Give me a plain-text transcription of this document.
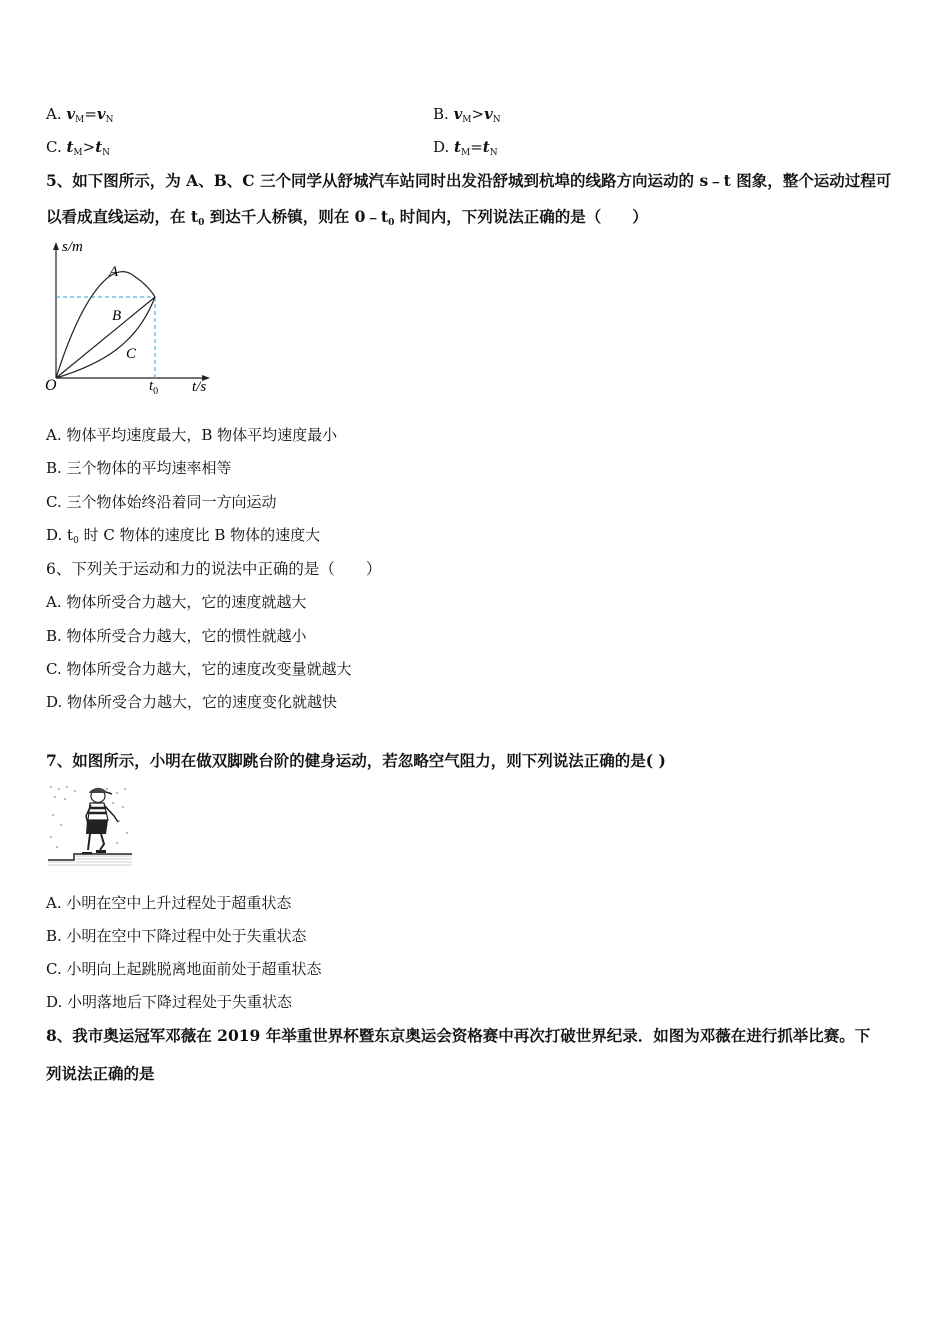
A. $v_M=v_N$	B. $v_M>v_N$
C. $t_M>t_N$	D. $t_M=t_N$
5、如下图所示，为 A、B、C 三个同学从舒城汽车站同时出发沿舒城到杭埠的线路方向运动的 s﹣t 图象，整个运动过程可
以看成直线运动，在 $t_0$ 到达千人桥镇，则在 $0﹣t_0$ 时间内，下列说法正确的是（　　）
s/m
t/s
O	$t_0$
A
B
C
A. 物体平均速度最大，B 物体平均速度最小
B. 三个物体的平均速率相等
C. 三个物体始终沿着同一方向运动
D. $t_0$ 时 C 物体的速度比 B 物体的速度大
6、下列关于运动和力的说法中正确的是（　　）
A. 物体所受合力越大，它的速度就越大
B. 物体所受合力越大，它的惯性就越小
C. 物体所受合力越大，它的速度改变量就越大
D. 物体所受合力越大，它的速度变化就越快
7、如图所示，小明在做双脚跳台阶的健身运动，若忽略空气阻力，则下列说法正确的是( )
A. 小明在空中上升过程处于超重状态
B. 小明在空中下降过程中处于失重状态
C. 小明向上起跳脱离地面前处于超重状态
D. 小明落地后下降过程处于失重状态
8、我市奥运冠军邓薇在 2019 年举重世界杯暨东京奥运会资格赛中再次打破世界纪录．如图为邓薇在进行抓举比赛。下
列说法正确的是
